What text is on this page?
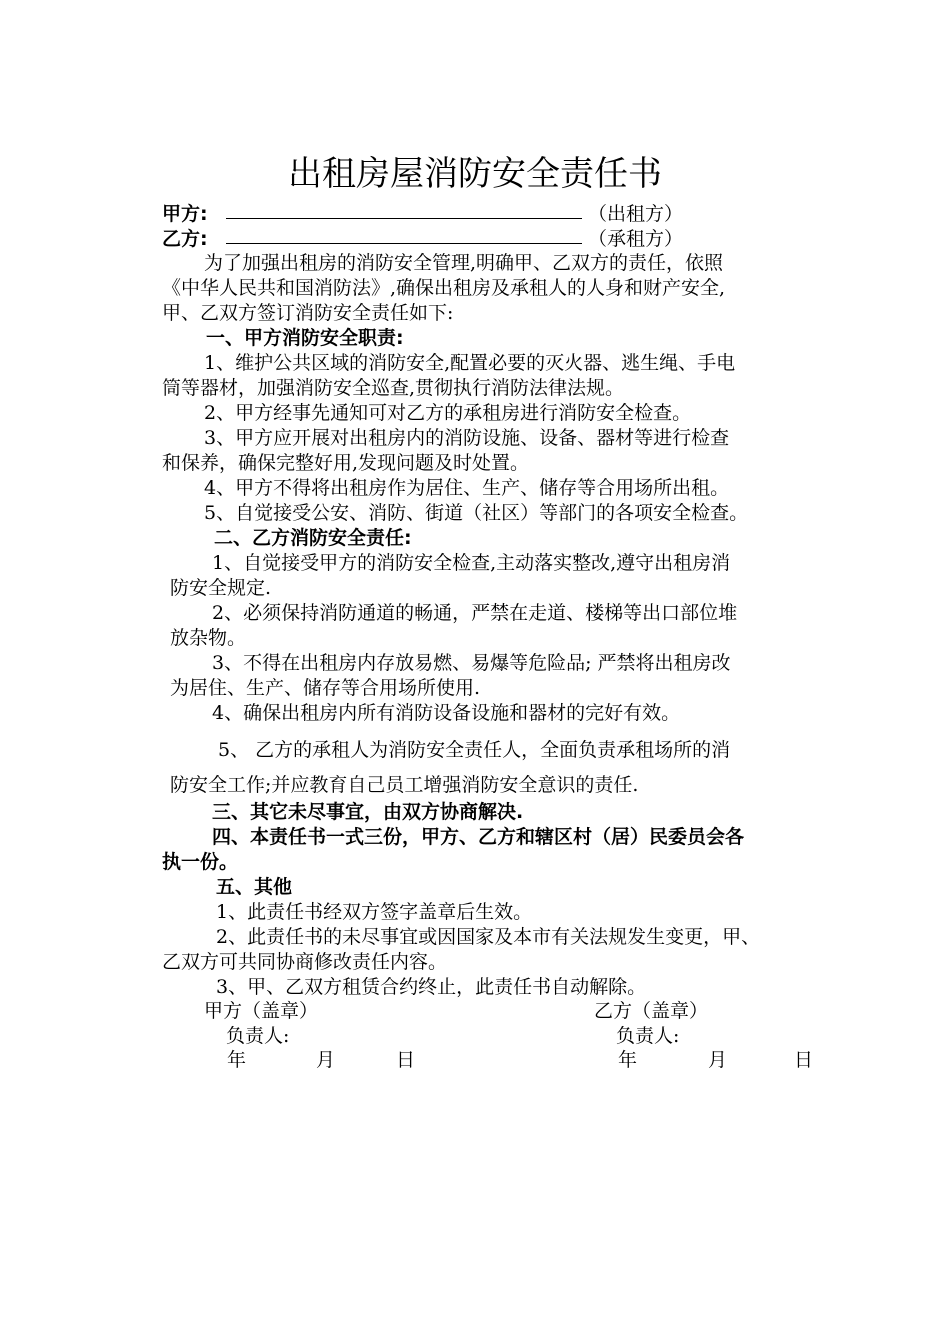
出租房屋消防安全责任书
甲方:	（出租方）
乙方:	（承租方）
为了加强出租房的消防安全管理,明确甲、乙双方的责任，依照
《中华人民共和国消防法》,确保出租房及承租人的人身和财产安全,
甲、乙双方签订消防安全责任如下:
一、甲方消防安全职责:
1、维护公共区域的消防安全,配置必要的灭火器、逃生绳、手电
筒等器材，加强消防安全巡查,贯彻执行消防法律法规。
2、甲方经事先通知可对乙方的承租房进行消防安全检查。
3、甲方应开展对出租房内的消防设施、设备、器材等进行检查
和保养，确保完整好用,发现问题及时处置。
4、甲方不得将出租房作为居住、生产、储存等合用场所出租。
5、自觉接受公安、消防、街道（社区）等部门的各项安全检查。
二、乙方消防安全责任:
1、自觉接受甲方的消防安全检查,主动落实整改,遵守出租房消
防安全规定.
2、必须保持消防通道的畅通，严禁在走道、楼梯等出口部位堆
放杂物。
3、不得在出租房内存放易燃、易爆等危险品; 严禁将出租房改
为居住、生产、储存等合用场所使用.
4、确保出租房内所有消防设备设施和器材的完好有效。
5、 乙方的承租人为消防安全责任人，全面负责承租场所的消
防安全工作;并应教育自己员工增强消防安全意识的责任.
三、其它未尽事宜，由双方协商解决.
四、本责任书一式三份，甲方、乙方和辖区村（居）民委员会各
执一份。
五、其他
1、此责任书经双方签字盖章后生效。
2、此责任书的未尽事宜或因国家及本市有关法规发生变更，甲、
乙双方可共同协商修改责任内容。
3、甲、乙双方租赁合约终止，此责任书自动解除。
甲方（盖章）	乙方（盖章）
负责人:	负责人:
年	月	日	年	月	日
